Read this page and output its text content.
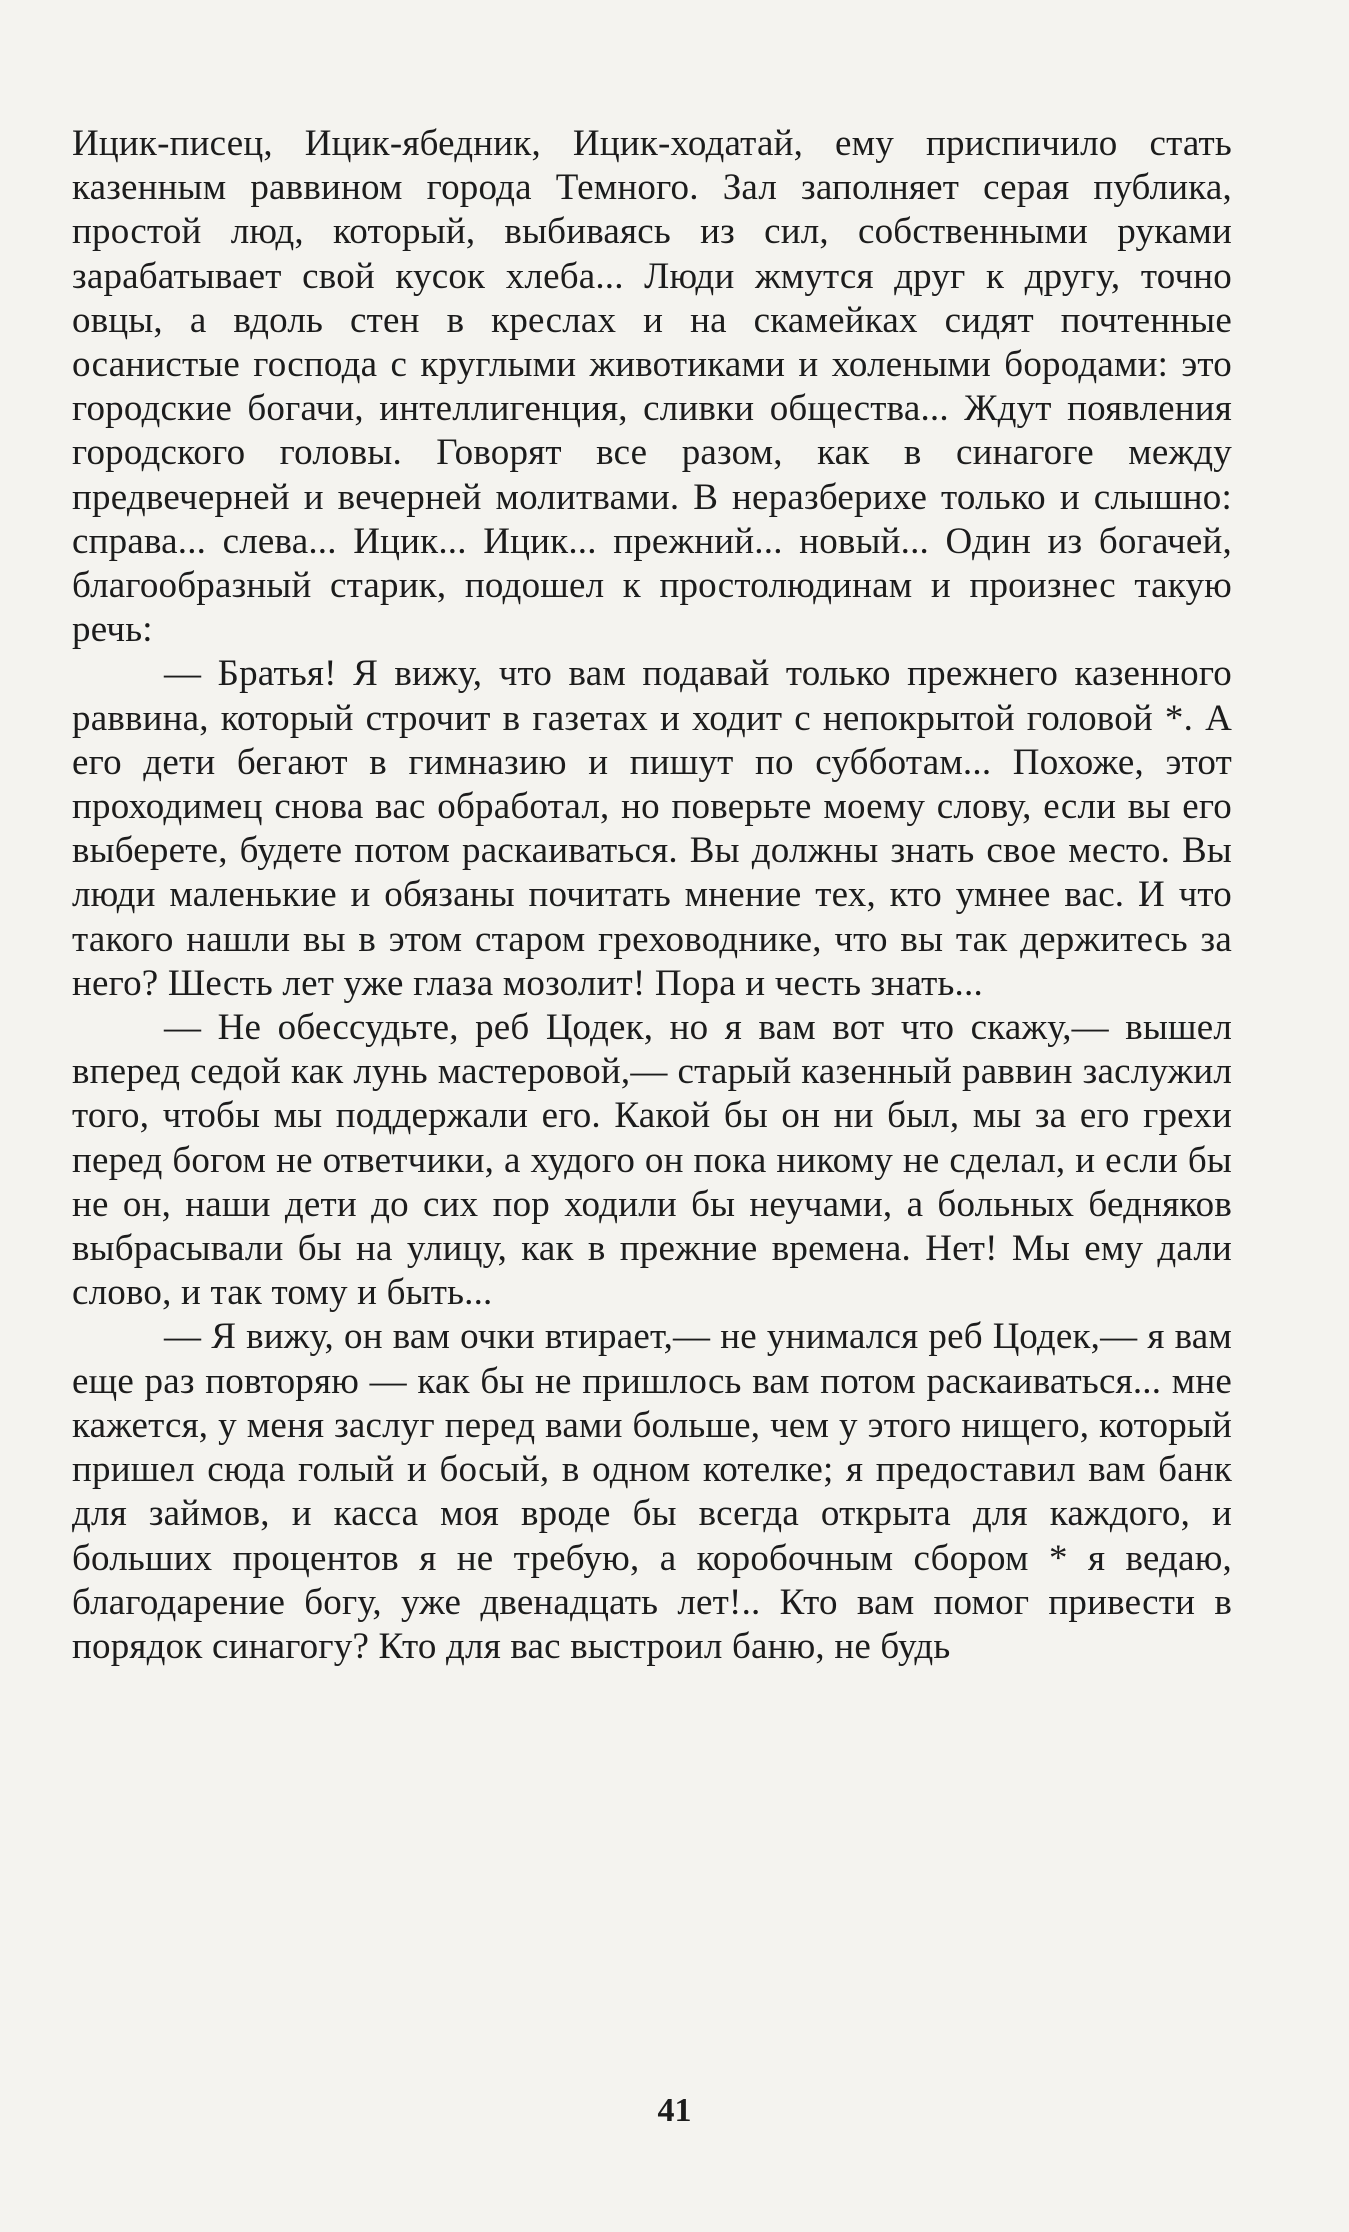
Ицик-писец, Ицик-ябедник, Ицик-ходатай, ему приспичило стать казенным раввином города Темного. Зал заполняет серая публика, простой люд, который, выбиваясь из сил, собственными руками зарабатывает свой кусок хлеба... Люди жмутся друг к другу, точно овцы, а вдоль стен в креслах и на скамейках сидят почтенные осанистые господа с круглыми животиками и холеными бородами: это городские богачи, интеллигенция, сливки общества... Ждут появления городского головы. Говорят все разом, как в синагоге между предвечерней и вечерней молитвами. В неразберихе только и слышно: справа... слева... Ицик... Ицик... прежний... новый... Один из богачей, благообразный старик, подошел к простолюдинам и произнес такую речь:

— Братья! Я вижу, что вам подавай только прежнего казенного раввина, который строчит в газетах и ходит с непокрытой головой *. А его дети бегают в гимназию и пишут по субботам... Похоже, этот проходимец снова вас обработал, но поверьте моему слову, если вы его выберете, будете потом раскаиваться. Вы должны знать свое место. Вы люди маленькие и обязаны почитать мнение тех, кто умнее вас. И что такого нашли вы в этом старом греховоднике, что вы так держитесь за него? Шесть лет уже глаза мозолит! Пора и честь знать...

— Не обессудьте, реб Цодек, но я вам вот что скажу,— вышел вперед седой как лунь мастеровой,— старый казенный раввин заслужил того, чтобы мы поддержали его. Какой бы он ни был, мы за его грехи перед богом не ответчики, а худого он пока никому не сделал, и если бы не он, наши дети до сих пор ходили бы неучами, а больных бедняков выбрасывали бы на улицу, как в прежние времена. Нет! Мы ему дали слово, и так тому и быть...

— Я вижу, он вам очки втирает,— не унимался реб Цодек,— я вам еще раз повторяю — как бы не пришлось вам потом раскаиваться... мне кажется, у меня заслуг перед вами больше, чем у этого нищего, который пришел сюда голый и босый, в одном котелке; я предоставил вам банк для займов, и касса моя вроде бы всегда открыта для каждого, и больших процентов я не требую, а коробочным сбором * я ведаю, благодарение богу, уже двенадцать лет!.. Кто вам помог привести в порядок синагогу? Кто для вас выстроил баню, не будь

41
